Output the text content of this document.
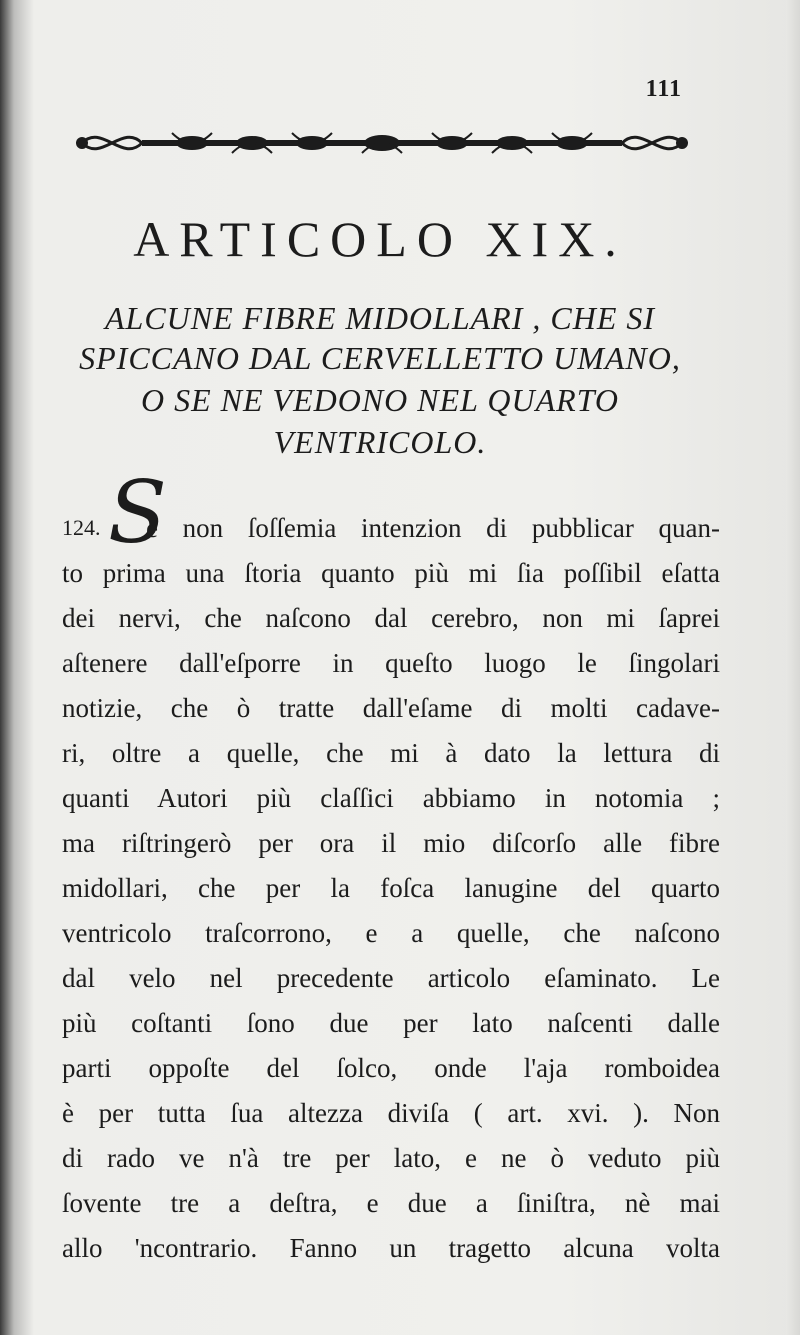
111
ARTICOLO XIX.
ALCUNE FIBRE MIDOLLARI , CHE SI
SPICCANO DAL CERVELLETTO UMANO,
O SE NE VEDONO NEL QUARTO
VENTRICOLO.
124. S
e non ſoſſemia intenzion di pubblicar quan-
to prima una ſtoria quanto più mi ſia poſſibil eſatta
dei nervi, che naſcono dal cerebro, non mi ſaprei
aſtenere dall'eſporre in queſto luogo le ſingolari
notizie, che ò tratte dall'eſame di molti cadave-
ri, oltre a quelle, che mi à dato la lettura di
quanti Autori più claſſici abbiamo in notomia ;
ma riſtringerò per ora il mio diſcorſo alle fibre
midollari, che per la foſca lanugine del quarto
ventricolo traſcorrono, e a quelle, che naſcono
dal velo nel precedente articolo eſaminato. Le
più coſtanti ſono due per lato naſcenti dalle
parti oppoſte del ſolco, onde l'aja romboidea
è per tutta ſua altezza diviſa ( art. xvi. ). Non
di rado ve n'à tre per lato, e ne ò veduto più
ſovente tre a deſtra, e due a ſiniſtra, nè mai
allo 'ncontrario. Fanno un tragetto alcuna volta
